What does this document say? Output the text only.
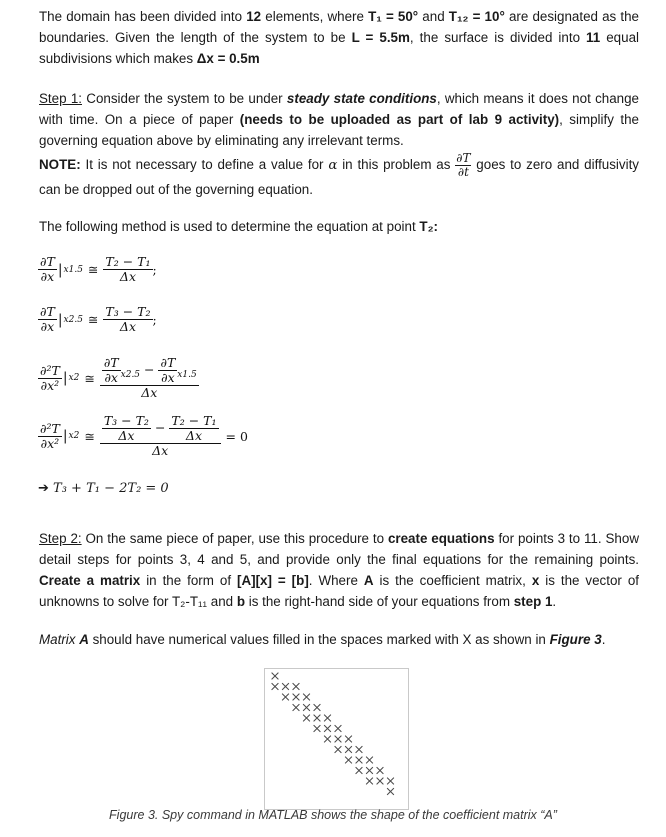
The domain has been divided into 12 elements, where T₁ = 50° and T₁₂ = 10° are designated as the boundaries. Given the length of the system to be L = 5.5m, the surface is divided into 11 equal subdivisions which makes Δx = 0.5m

Step 1: Consider the system to be under steady state conditions, which means it does not change with time. On a piece of paper (needs to be uploaded as part of lab 9 activity), simplify the governing equation above by eliminating any irrelevant terms.

NOTE: It is not necessary to define a value for α in this problem as $\frac{\partial T}{\partial t}$ goes to zero and diffusivity can be dropped out of the governing equation.

The following method is used to determine the equation at point T₂:

∂T
∂x | x1.5 ≅
T₂ − T₁
Δx	;
∂T
∂x | x2.5 ≅
T₃ − T₂
Δx	;
∂²T
∂x² | x2 ≅ $\frac{\partial T}{\partial x} _{x2.5} - \frac{\partial T}{\partial x} _{x1.5}$
Δx
∂²T
∂x² | x2 ≅ $\frac{\frac{\text{T₃ − T₂}}{\Delta x} - \frac{\text{T₂ − T₁}}{\Delta x}}{\Delta x} = 0$
➔ T₃ + T₁ − 2T₂ = 0

Step 2: On the same piece of paper, use this procedure to create equations for points 3 to 11. Show detail steps for points 3, 4 and 5, and provide only the final equations for the remaining points. Create a matrix in the form of [A][x] = [b]. Where A is the coefficient matrix, x is the vector of unknowns to solve for T₂-T₁₁ and b is the right-hand side of your equations from step 1.

Matrix A should have numerical values filled in the spaces marked with X as shown in Figure 3.

Figure 3. Spy command in MATLAB shows the shape of the coefficient matrix “A”
